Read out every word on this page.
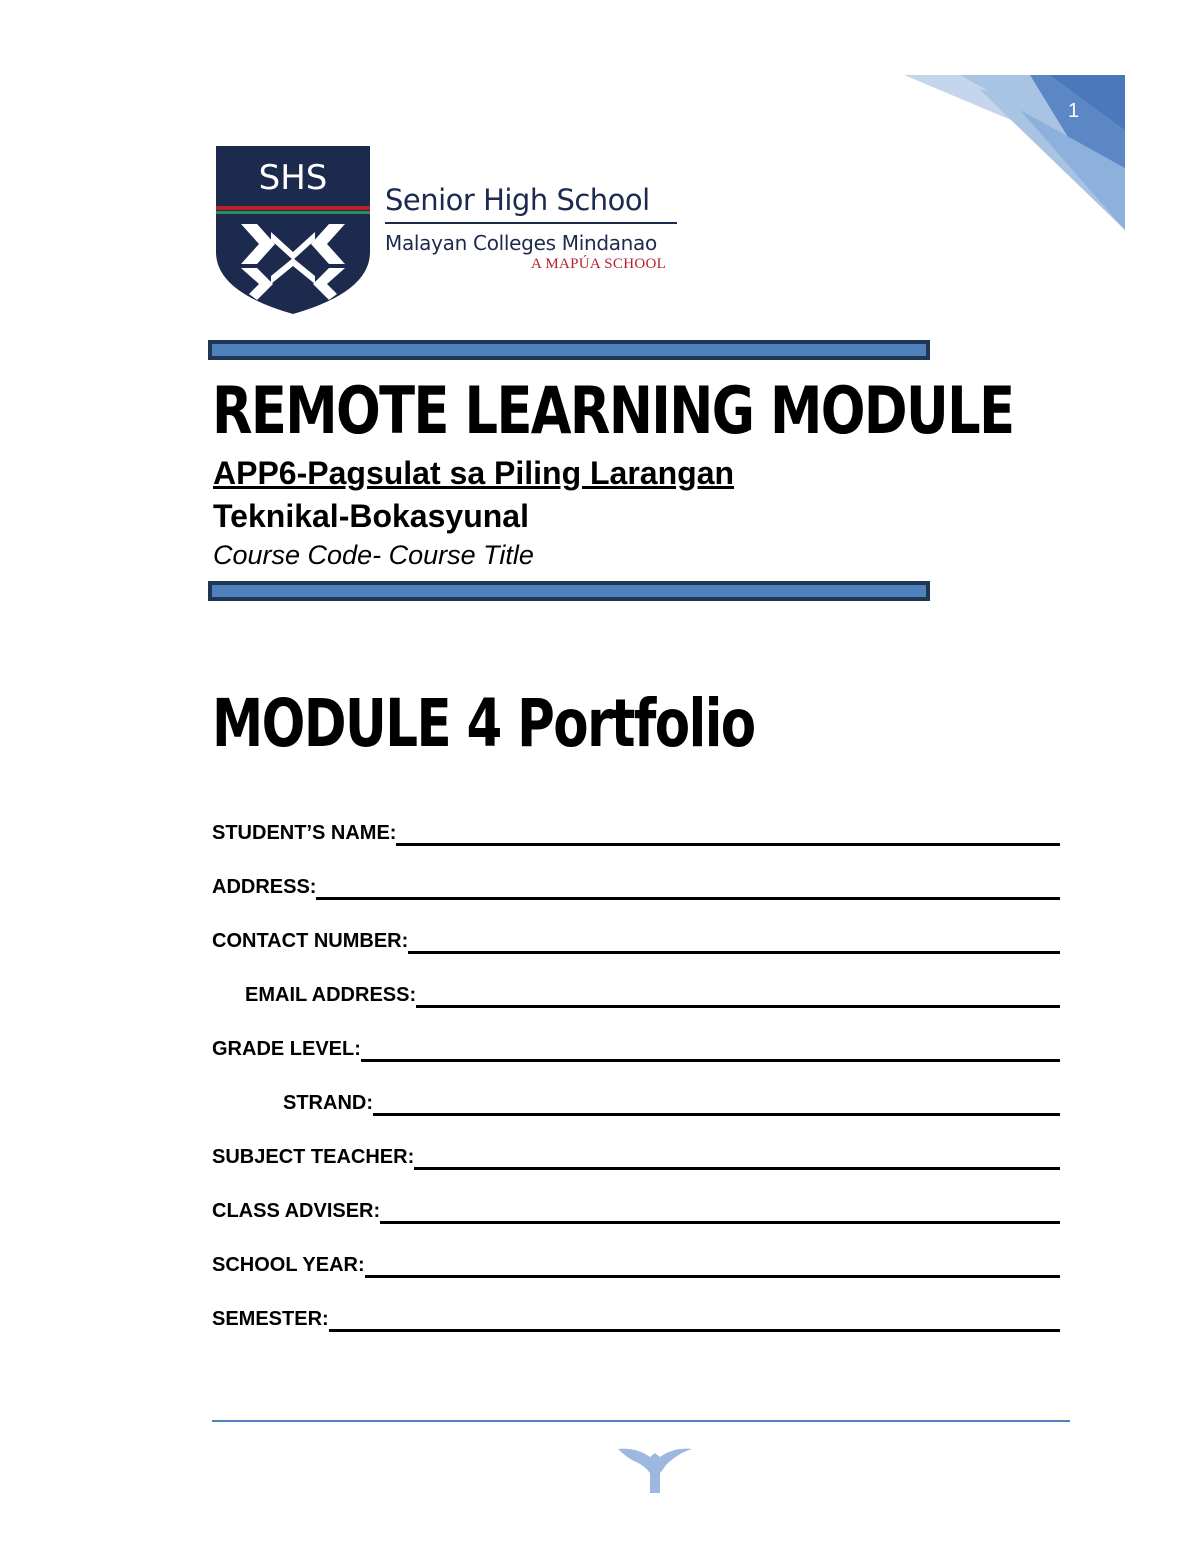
1
SHS
Senior High School
Malayan Colleges Mindanao
A MAPÚA SCHOOL
REMOTE LEARNING MODULE
APP6-Pagsulat sa Piling Larangan
Teknikal-Bokasyunal
Course Code- Course Title
MODULE 4 Portfolio
STUDENT’S NAME:
ADDRESS:
CONTACT NUMBER:
EMAIL ADDRESS:
GRADE LEVEL:
STRAND:
SUBJECT TEACHER:
CLASS ADVISER:
SCHOOL YEAR:
SEMESTER:
